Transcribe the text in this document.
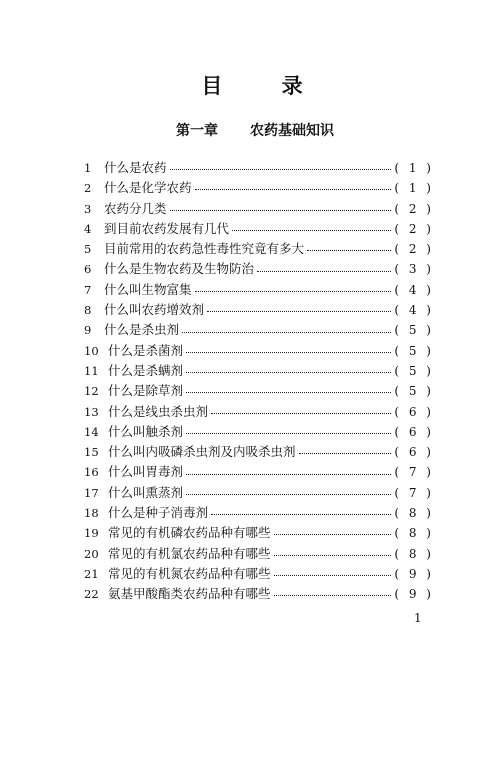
目 录
第一章 农药基础知识
1	什么是农药	( 1 )
2	什么是化学农药	( 1 )
3	农药分几类	( 2 )
4	到目前农药发展有几代	( 2 )
5	目前常用的农药急性毒性究竟有多大	( 2 )
6	什么是生物农药及生物防治	( 3 )
7	什么叫生物富集	( 4 )
8	什么叫农药增效剂	( 4 )
9	什么是杀虫剂	( 5 )
10 什么是杀菌剂	( 5 )
11 什么是杀螨剂	( 5 )
12 什么是除草剂	( 5 )
13 什么是线虫杀虫剂	( 6 )
14 什么叫触杀剂	( 6 )
15 什么叫内吸磷杀虫剂及内吸杀虫剂	( 6 )
16 什么叫胃毒剂	( 7 )
17 什么叫熏蒸剂	( 7 )
18 什么是种子消毒剂	( 8 )
19 常见的有机磷农药品种有哪些	( 8 )
20 常见的有机氯农药品种有哪些	( 8 )
21 常见的有机氮农药品种有哪些	( 9 )
22 氨基甲酸酯类农药品种有哪些	( 9 )
1
